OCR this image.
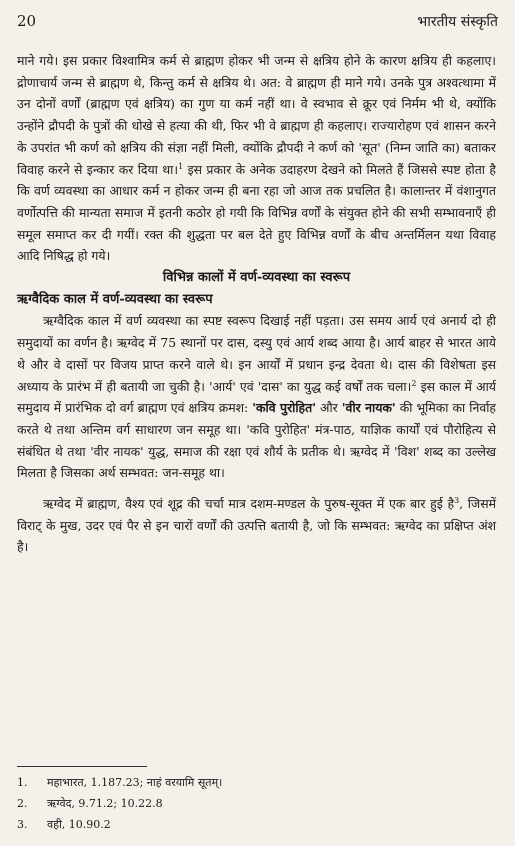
20	भारतीय संस्कृति

माने गये। इस प्रकार विश्वामित्र कर्म से ब्राह्मण होकर भी जन्म से क्षत्रिय होने के कारण क्षत्रिय ही कहलाए। द्रोणाचार्य जन्म से ब्राह्मण थे, किन्तु कर्म से क्षत्रिय थे। अत: वे ब्राह्मण ही माने गये। उनके पुत्र अश्वत्थामा में उन दोनों वर्णों (ब्राह्मण एवं क्षत्रिय) का गुण या कर्म नहीं था। वे स्वभाव से क्रूर एवं निर्मम भी थे, क्योंकि उन्होंने द्रौपदी के पुत्रों की धोखे से हत्या की थी, फिर भी वे ब्राह्मण ही कहलाए। राज्यारोहण एवं शासन करने के उपरांत भी कर्ण को क्षत्रिय की संज्ञा नहीं मिली, क्योंकि द्रौपदी ने कर्ण को 'सूत' (निम्न जाति का) बताकर विवाह करने से इन्कार कर दिया था।$^1$ इस प्रकार के अनेक उदाहरण देखने को मिलते हैं जिससे स्पष्ट होता है कि वर्ण व्यवस्था का आधार कर्म न होकर जन्म ही बना रहा जो आज तक प्रचलित है। कालान्तर में वंशानुगत वर्णोत्पत्ति की मान्यता समाज में इतनी कठोर हो गयी कि विभिन्न वर्णों के संयुक्त होने की सभी सम्भावनाएँ ही समूल समाप्त कर दी गयीं। रक्त की शुद्धता पर बल देते हुए विभिन्न वर्णों के बीच अन्तर्मिलन यथा विवाह आदि निषिद्ध हो गये।

विभिन्न कालों में वर्ण-व्यवस्था का स्वरूप

ऋग्वैदिक काल में वर्ण-व्यवस्था का स्वरूप

ऋग्वैदिक काल में वर्ण व्यवस्था का स्पष्ट स्वरूप दिखाई नहीं पड़ता। उस समय आर्य एवं अनार्य दो ही समुदायों का वर्णन है। ऋग्वेद में 75 स्थानों पर दास, दस्यु एवं आर्य शब्द आया है। आर्य बाहर से भारत आये थे और वे दासों पर विजय प्राप्त करने वाले थे। इन आर्यों में प्रधान इन्द्र देवता थे। दास की विशेषता इस अध्याय के प्रारंभ में ही बतायी जा चुकी है। 'आर्य' एवं 'दास' का युद्ध कई वर्षों तक चला।$^2$ इस काल में आर्य समुदाय में प्रारंभिक दो वर्ग ब्राह्मण एवं क्षत्रिय क्रमश: 'कवि पुरोहित' और 'वीर नायक' की भूमिका का निर्वाह करते थे तथा अन्तिम वर्ग साधारण जन समूह था। 'कवि पुरोहित' मंत्र-पाठ, याज्ञिक कार्यों एवं पौरोहित्य से संबंधित थे तथा 'वीर नायक' युद्ध, समाज की रक्षा एवं शौर्य के प्रतीक थे। ऋग्वेद में 'विश' शब्द का उल्लेख मिलता है जिसका अर्थ सम्भवत: जन-समूह था।

ऋग्वेद में ब्राह्मण, वैश्य एवं शूद्र की चर्चा मात्र दशम-मण्डल के पुरुष-सूक्त में एक बार हुई है$^3$, जिसमें विराट् के मुख, उदर एवं पैर से इन चारों वर्णों की उत्पत्ति बतायी है, जो कि सम्भवत: ऋग्वेद का प्रक्षिप्त अंश है।

1.	महाभारत, 1.187.23; नाहं वरयामि सूतम्।
2.	ऋग्वेद, 9.71.2; 10.22.8
3.	वही, 10.90.2
